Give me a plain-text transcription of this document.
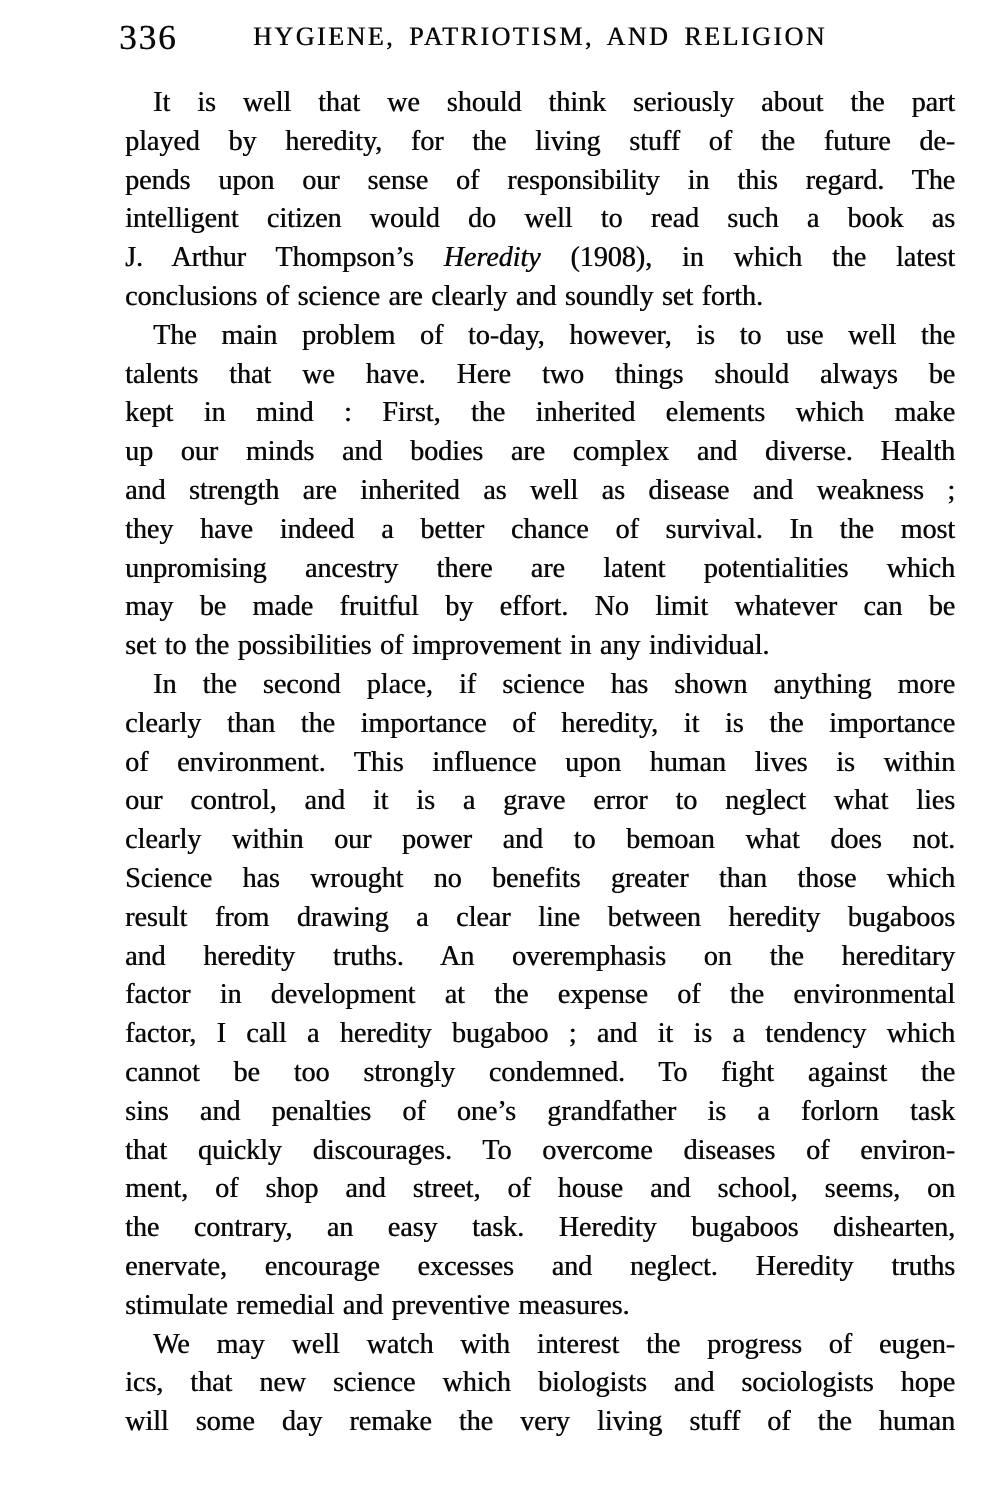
336	HYGIENE, PATRIOTISM, AND RELIGION
It is well that we should think seriously about the part
played by heredity, for the living stuff of the future de-
pends upon our sense of responsibility in this regard. The
intelligent citizen would do well to read such a book as
J. Arthur Thompson’s Heredity (1908), in which the latest
conclusions of science are clearly and soundly set forth.
The main problem of to-day, however, is to use well the
talents that we have. Here two things should always be
kept in mind : First, the inherited elements which make
up our minds and bodies are complex and diverse. Health
and strength are inherited as well as disease and weakness ;
they have indeed a better chance of survival. In the most
unpromising ancestry there are latent potentialities which
may be made fruitful by effort. No limit whatever can be
set to the possibilities of improvement in any individual.
In the second place, if science has shown anything more
clearly than the importance of heredity, it is the importance
of environment. This influence upon human lives is within
our control, and it is a grave error to neglect what lies
clearly within our power and to bemoan what does not.
Science has wrought no benefits greater than those which
result from drawing a clear line between heredity bugaboos
and heredity truths. An overemphasis on the hereditary
factor in development at the expense of the environmental
factor, I call a heredity bugaboo ; and it is a tendency which
cannot be too strongly condemned. To fight against the
sins and penalties of one’s grandfather is a forlorn task
that quickly discourages. To overcome diseases of environ-
ment, of shop and street, of house and school, seems, on
the contrary, an easy task. Heredity bugaboos dishearten,
enervate, encourage excesses and neglect. Heredity truths
stimulate remedial and preventive measures.
We may well watch with interest the progress of eugen-
ics, that new science which biologists and sociologists hope
will some day remake the very living stuff of the human
